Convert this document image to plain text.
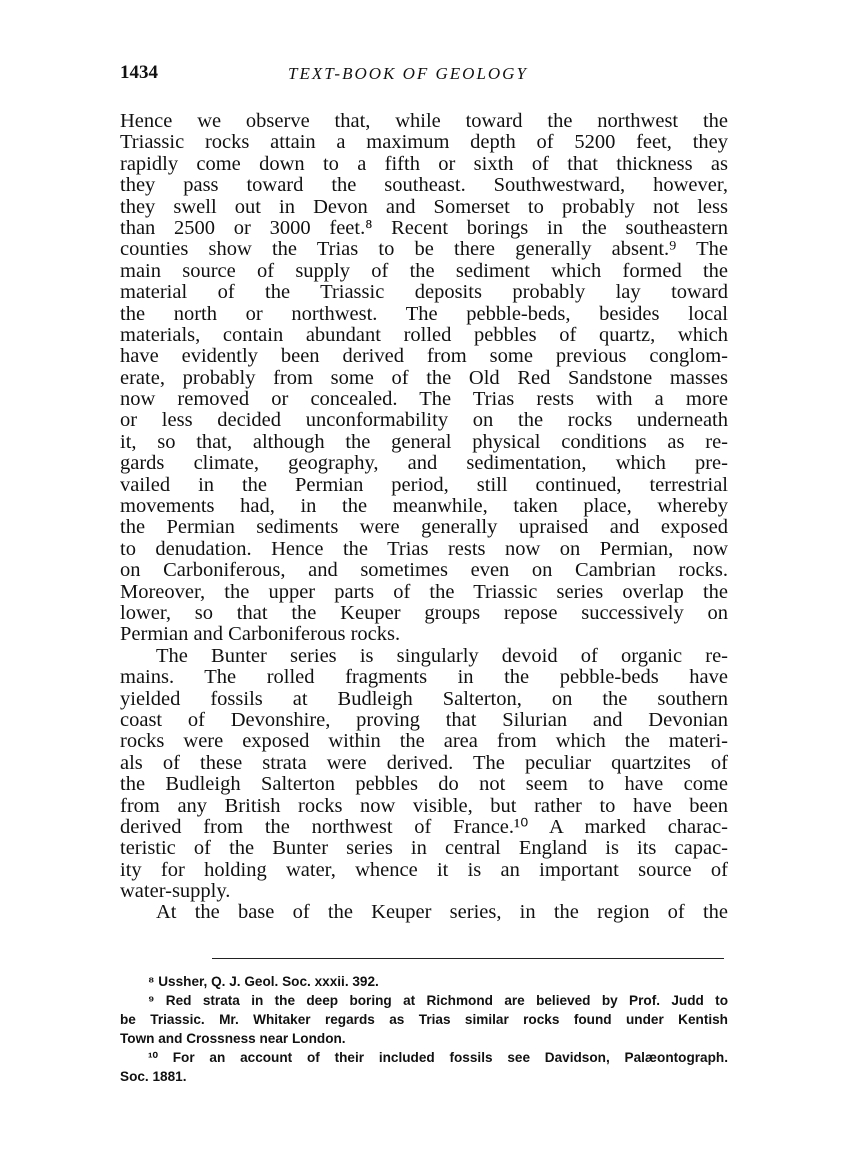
1434	TEXT-BOOK OF GEOLOGY
Hence we observe that, while toward the northwest the
Triassic rocks attain a maximum depth of 5200 feet, they
rapidly come down to a fifth or sixth of that thickness as
they pass toward the southeast. Southwestward, however,
they swell out in Devon and Somerset to probably not less
than 2500 or 3000 feet.⁸ Recent borings in the southeastern
counties show the Trias to be there generally absent.⁹ The
main source of supply of the sediment which formed the
material of the Triassic deposits probably lay toward
the north or northwest. The pebble-beds, besides local
materials, contain abundant rolled pebbles of quartz, which
have evidently been derived from some previous conglom-
erate, probably from some of the Old Red Sandstone masses
now removed or concealed. The Trias rests with a more
or less decided unconformability on the rocks underneath
it, so that, although the general physical conditions as re-
gards climate, geography, and sedimentation, which pre-
vailed in the Permian period, still continued, terrestrial
movements had, in the meanwhile, taken place, whereby
the Permian sediments were generally upraised and exposed
to denudation. Hence the Trias rests now on Permian, now
on Carboniferous, and sometimes even on Cambrian rocks.
Moreover, the upper parts of the Triassic series overlap the
lower, so that the Keuper groups repose successively on
Permian and Carboniferous rocks.
The Bunter series is singularly devoid of organic re-
mains. The rolled fragments in the pebble-beds have
yielded fossils at Budleigh Salterton, on the southern
coast of Devonshire, proving that Silurian and Devonian
rocks were exposed within the area from which the materi-
als of these strata were derived. The peculiar quartzites of
the Budleigh Salterton pebbles do not seem to have come
from any British rocks now visible, but rather to have been
derived from the northwest of France.¹⁰ A marked charac-
teristic of the Bunter series in central England is its capac-
ity for holding water, whence it is an important source of
water-supply.
At the base of the Keuper series, in the region of the
⁸ Ussher, Q. J. Geol. Soc. xxxii. 392.
⁹ Red strata in the deep boring at Richmond are believed by Prof. Judd to
be Triassic. Mr. Whitaker regards as Trias similar rocks found under Kentish
Town and Crossness near London.
¹⁰ For an account of their included fossils see Davidson, Palæontograph.
Soc. 1881.
